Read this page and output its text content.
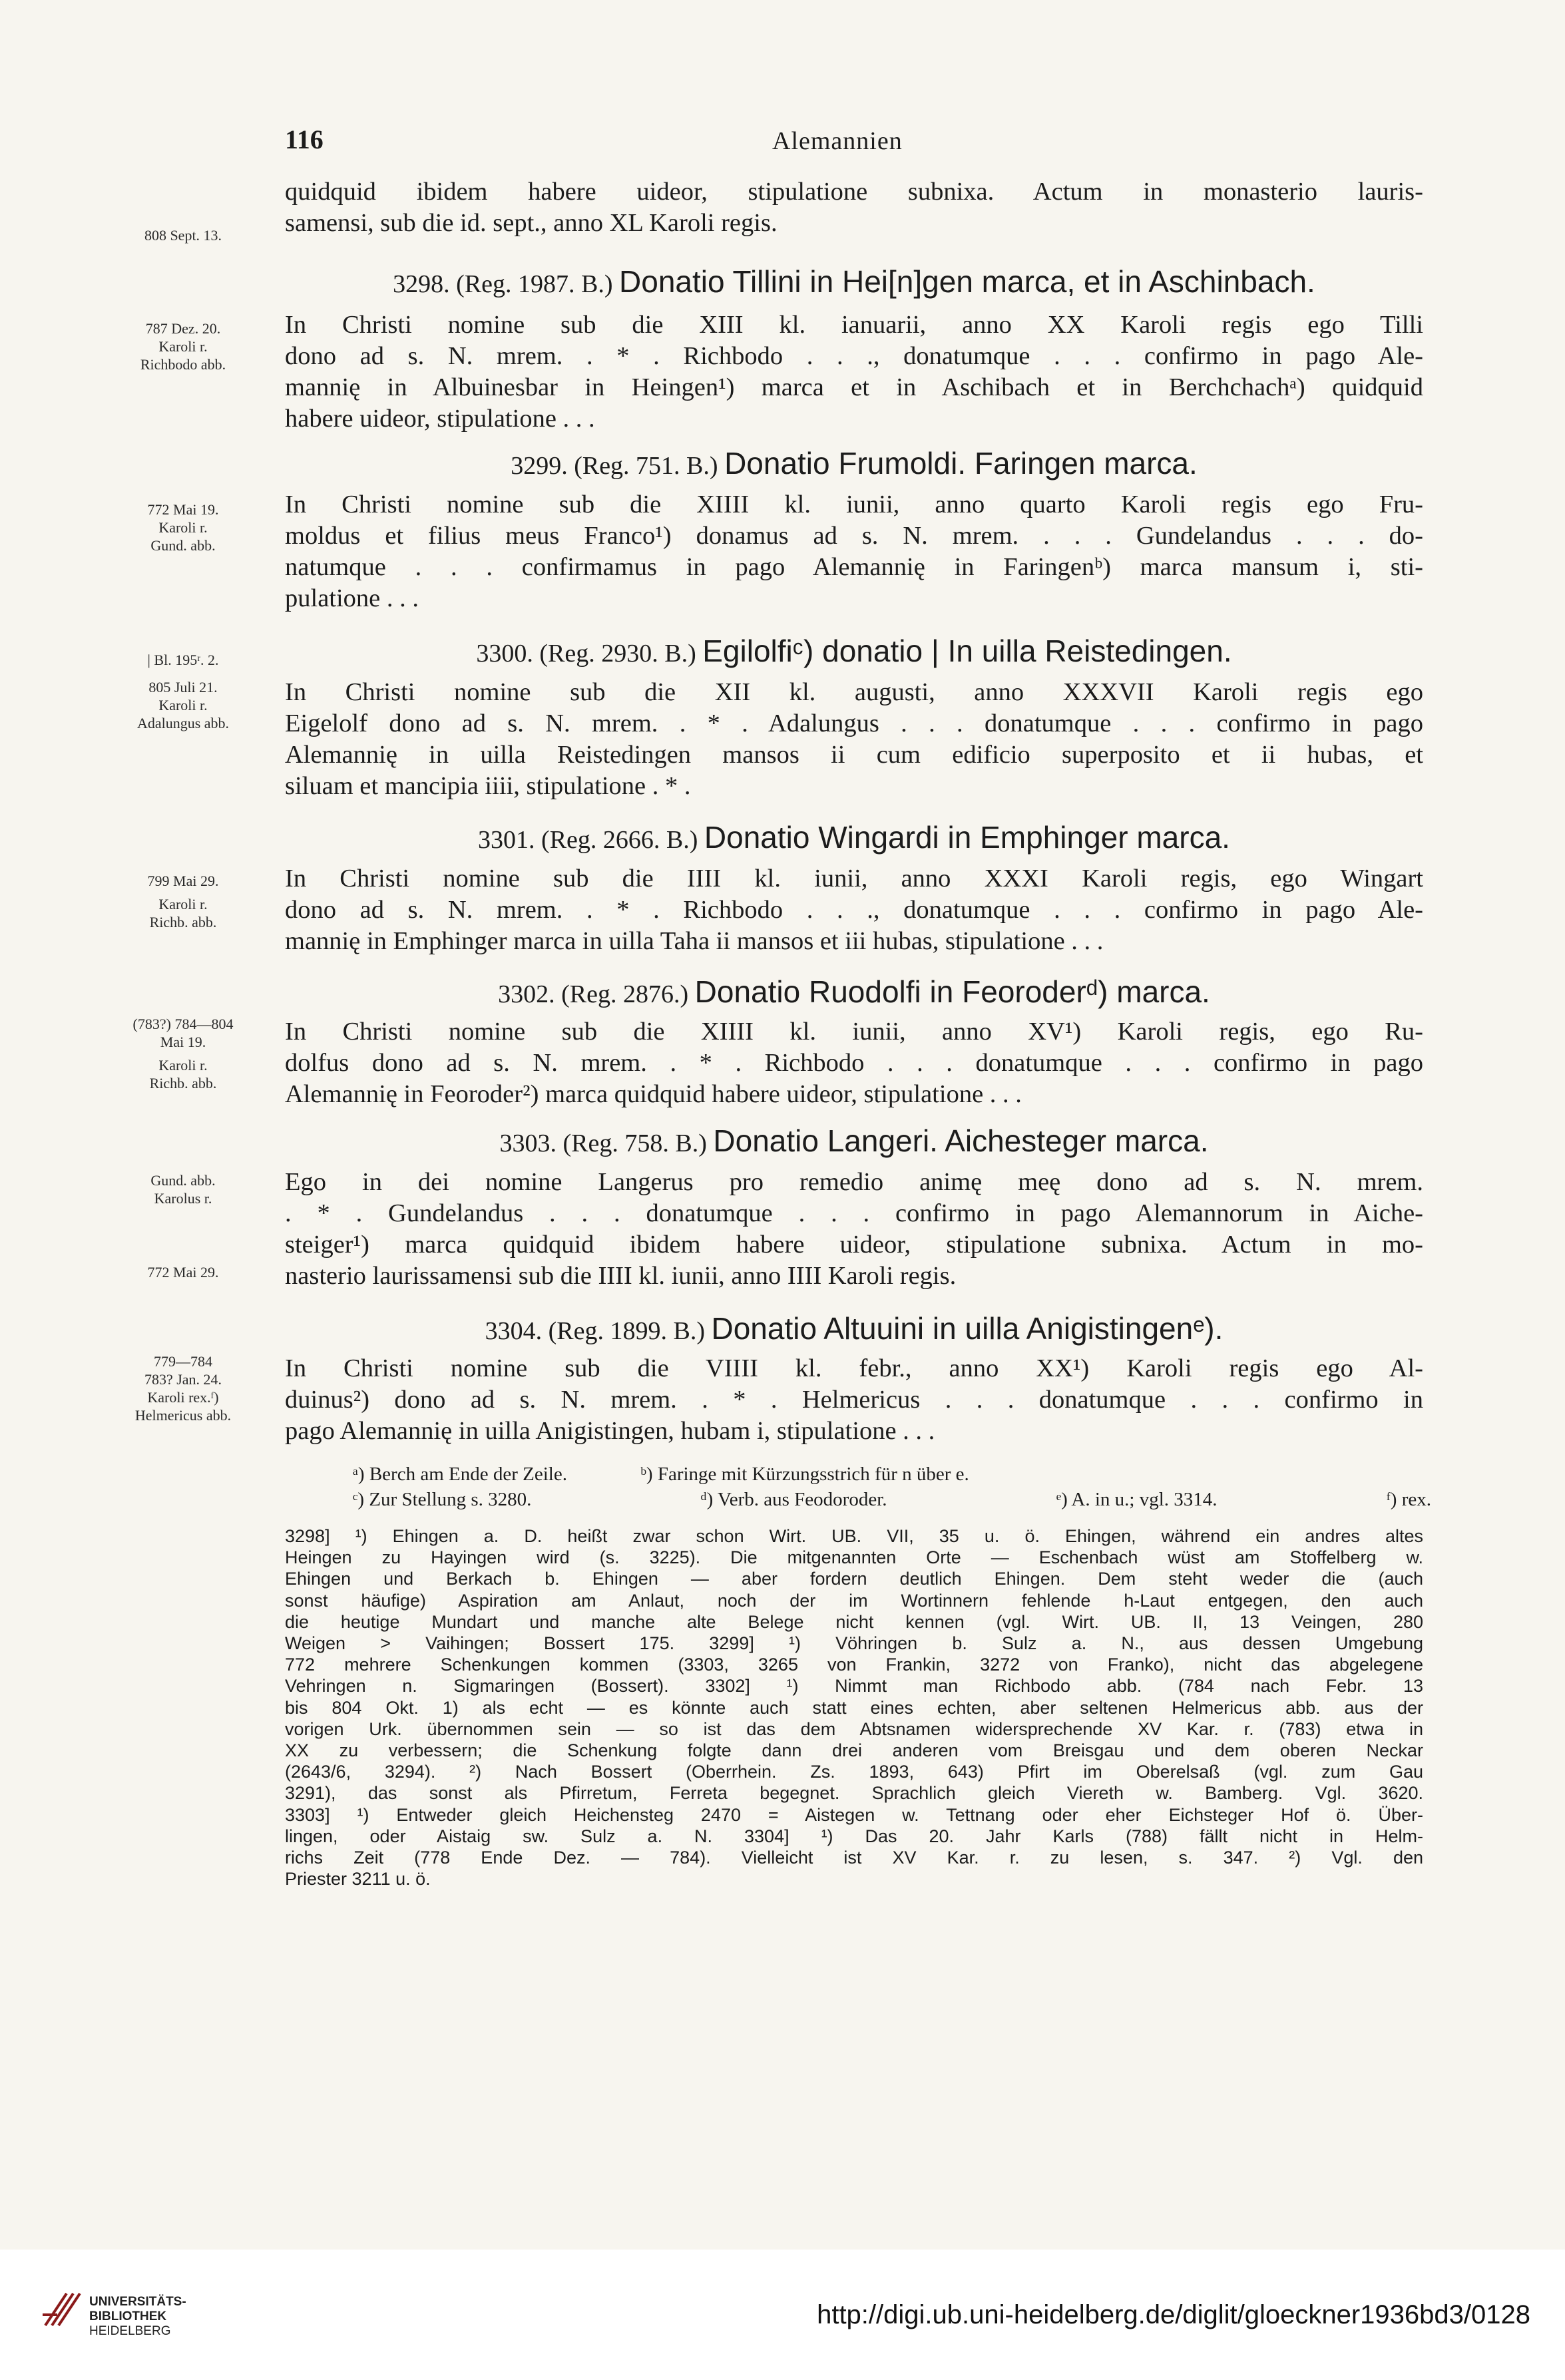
116	Alemannien
quidquid ibidem habere uideor, stipulatione subnixa. Actum in monasterio lauris-
samensi, sub die id. sept., anno XL Karoli regis.
808 Sept. 13.
3298. (Reg. 1987. B.) Donatio Tillini in Hei[n]gen marca, et in Aschinbach.
In Christi nomine sub die XIII kl. ianuarii, anno XX Karoli regis ego Tilli
dono ad s. N. mrem. . * . Richbodo . . ., donatumque . . . confirmo in pago Ale-
mannię in Albuinesbar in Heingen¹) marca et in Aschibach et in Berchchachᵃ) quidquid
habere uideor, stipulatione . . .
787 Dez. 20.
Karoli r.
Richbodo abb.
3299. (Reg. 751. B.) Donatio Frumoldi. Faringen marca.
In Christi nomine sub die XIIII kl. iunii, anno quarto Karoli regis ego Fru-
moldus et filius meus Franco¹) donamus ad s. N. mrem. . . . Gundelandus . . . do-
natumque . . . confirmamus in pago Alemannię in Faringenᵇ) marca mansum i, sti-
pulatione . . .
772 Mai 19.
Karoli r.
Gund. abb.
3300. (Reg. 2930. B.) Egilolfiᶜ) donatio | In uilla Reistedingen.
In Christi nomine sub die XII kl. augusti, anno XXXVII Karoli regis ego
Eigelolf dono ad s. N. mrem. . * . Adalungus . . . donatumque . . . confirmo in pago
Alemannię in uilla Reistedingen mansos ii cum edificio superposito et ii hubas, et
siluam et mancipia iiii, stipulatione . * .
| Bl. 195ʳ. 2.
805 Juli 21.
Karoli r.
Adalungus abb.
3301. (Reg. 2666. B.) Donatio Wingardi in Emphinger marca.
In Christi nomine sub die IIII kl. iunii, anno XXXI Karoli regis, ego Wingart
dono ad s. N. mrem. . * . Richbodo . . ., donatumque . . . confirmo in pago Ale-
mannię in Emphinger marca in uilla Taha ii mansos et iii hubas, stipulatione . . .
799 Mai 29.
Karoli r.
Richb. abb.
3302. (Reg. 2876.) Donatio Ruodolfi in Feoroderᵈ) marca.
In Christi nomine sub die XIIII kl. iunii, anno XV¹) Karoli regis, ego Ru-
dolfus dono ad s. N. mrem. . * . Richbodo . . . donatumque . . . confirmo in pago
Alemannię in Feoroder²) marca quidquid habere uideor, stipulatione . . .
(783?) 784—804
Mai 19.
Karoli r.
Richb. abb.
3303. (Reg. 758. B.) Donatio Langeri. Aichesteger marca.
Ego in dei nomine Langerus pro remedio animę meę dono ad s. N. mrem.
. * . Gundelandus . . . donatumque . . . confirmo in pago Alemannorum in Aiche-
steiger¹) marca quidquid ibidem habere uideor, stipulatione subnixa. Actum in mo-
nasterio laurissamensi sub die IIII kl. iunii, anno IIII Karoli regis.
Gund. abb.
Karolus r.
772 Mai 29.
3304. (Reg. 1899. B.) Donatio Altuuini in uilla Anigistingenᵉ).
In Christi nomine sub die VIIII kl. febr., anno XX¹) Karoli regis ego Al-
duinus²) dono ad s. N. mrem. . * . Helmericus . . . donatumque . . . confirmo in
pago Alemannię in uilla Anigistingen, hubam i, stipulatione . . .
779—784
783? Jan. 24.
Karoli rex.ᶠ)
Helmericus abb.
ᵃ) Berch am Ende der Zeile.	ᵇ) Faringe mit Kürzungsstrich für n über e.
ᶜ) Zur Stellung s. 3280.	ᵈ) Verb. aus Feodoroder.	ᵉ) A. in u.; vgl. 3314.	ᶠ) rex.
3298] ¹) Ehingen a. D. heißt zwar schon Wirt. UB. VII, 35 u. ö. Ehingen, während ein andres altes
Heingen zu Hayingen wird (s. 3225). Die mitgenannten Orte — Eschenbach wüst am Stoffelberg w.
Ehingen und Berkach b. Ehingen — aber fordern deutlich Ehingen. Dem steht weder die (auch
sonst häufige) Aspiration am Anlaut, noch der im Wortinnern fehlende h-Laut entgegen, den auch
die heutige Mundart und manche alte Belege nicht kennen (vgl. Wirt. UB. II, 13 Veingen, 280
Weigen > Vaihingen; Bossert 175. 3299] ¹) Vöhringen b. Sulz a. N., aus dessen Umgebung
772 mehrere Schenkungen kommen (3303, 3265 von Frankin, 3272 von Franko), nicht das abgelegene
Vehringen n. Sigmaringen (Bossert). 3302] ¹) Nimmt man Richbodo abb. (784 nach Febr. 13
bis 804 Okt. 1) als echt — es könnte auch statt eines echten, aber seltenen Helmericus abb. aus der
vorigen Urk. übernommen sein — so ist das dem Abtsnamen widersprechende XV Kar. r. (783) etwa in
XX zu verbessern; die Schenkung folgte dann drei anderen vom Breisgau und dem oberen Neckar
(2643/6, 3294). ²) Nach Bossert (Oberrhein. Zs. 1893, 643) Pfirt im Oberelsaß (vgl. zum Gau
3291), das sonst als Pfirretum, Ferreta begegnet. Sprachlich gleich Viereth w. Bamberg. Vgl. 3620.
3303] ¹) Entweder gleich Heichensteg 2470 = Aistegen w. Tettnang oder eher Eichsteger Hof ö. Über-
lingen, oder Aistaig sw. Sulz a. N. 3304] ¹) Das 20. Jahr Karls (788) fällt nicht in Helm-
richs Zeit (778 Ende Dez. — 784). Vielleicht ist XV Kar. r. zu lesen, s. 347. ²) Vgl. den
Priester 3211 u. ö.
UNIVERSITÄTS-
BIBLIOTHEK
HEIDELBERG
http://digi.ub.uni-heidelberg.de/diglit/gloeckner1936bd3/0128
